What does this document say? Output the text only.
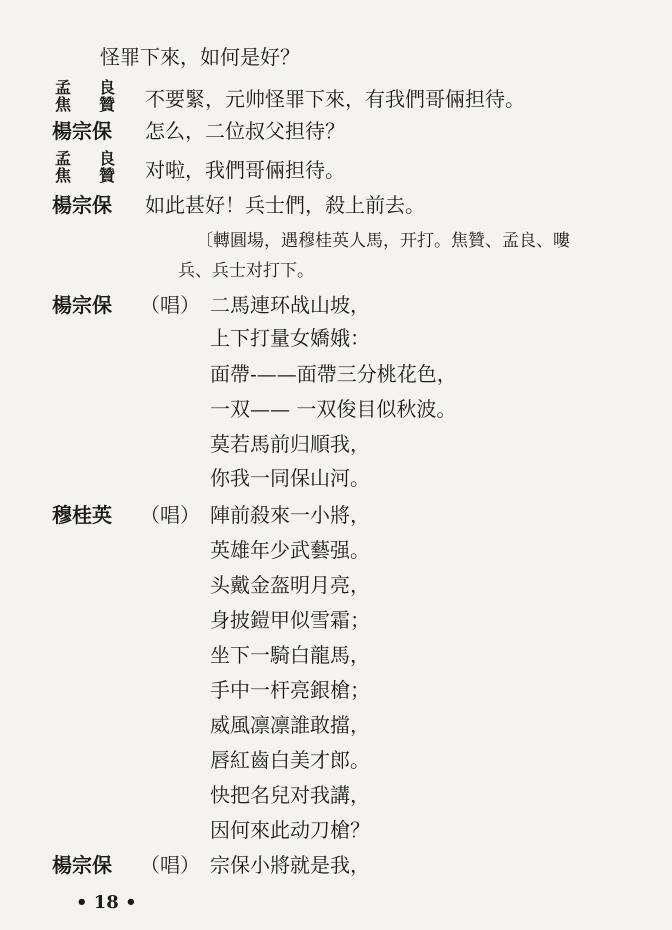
怪罪下來，如何是好？
孟 良
焦 贊 不要緊，元帅怪罪下來，有我們哥倆担待。
楊宗保 怎么，二位叔父担待？
孟 良
焦 贊 对啦，我們哥倆担待。
楊宗保 如此甚好！兵士們，殺上前去。
〔轉圓場，遇穆桂英人馬，开打。焦贊、孟良、嘍
兵、兵士对打下。
楊宗保 （唱） 二馬連环战山坡，
上下打量女嬌娥：
面帶-——面帶三分桃花色，
一双—— 一双俊目似秋波。
莫若馬前归順我，
你我一同保山河。
穆桂英 （唱） 陣前殺來一小將，
英雄年少武藝强。
头戴金盔明月亮，
身披鎧甲似雪霜；
坐下一騎白龍馬，
手中一杆亮銀槍；
威風凛凛誰敢擋，
唇紅齒白美才郎。
快把名兒对我講，
因何來此动刀槍？
楊宗保 （唱） 宗保小將就是我，
• 18 •
